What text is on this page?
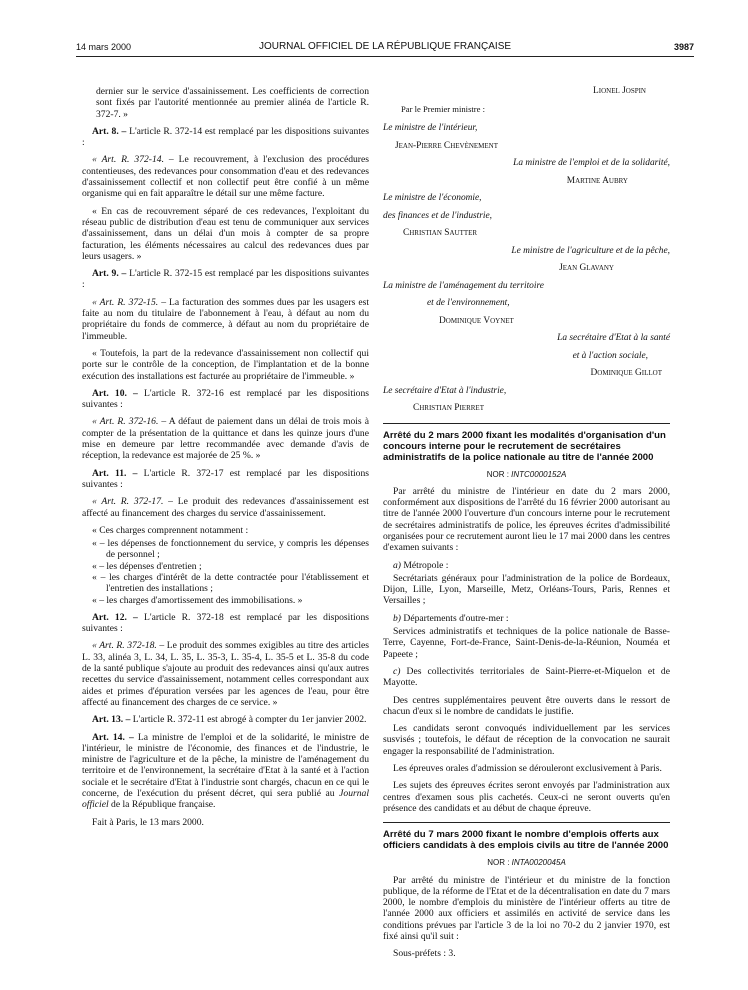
14 mars 2000	JOURNAL OFFICIEL DE LA RÉPUBLIQUE FRANÇAISE	3987

dernier sur le service d'assainissement. Les coefficients de correction sont fixés par l'autorité mentionnée au premier alinéa de l'article R. 372-7. »

Art. 8. – L'article R. 372-14 est remplacé par les dispositions suivantes :

« Art. R. 372-14. – Le recouvrement, à l'exclusion des procédures contentieuses, des redevances pour consommation d'eau et des redevances d'assainissement collectif et non collectif peut être confié à un même organisme qui en fait apparaître le détail sur une même facture.

« En cas de recouvrement séparé de ces redevances, l'exploitant du réseau public de distribution d'eau est tenu de communiquer aux services d'assainissement, dans un délai d'un mois à compter de sa propre facturation, les éléments nécessaires au calcul des redevances dues par leurs usagers. »

Art. 9. – L'article R. 372-15 est remplacé par les dispositions suivantes :

« Art. R. 372-15. – La facturation des sommes dues par les usagers est faite au nom du titulaire de l'abonnement à l'eau, à défaut au nom du propriétaire du fonds de commerce, à défaut au nom du propriétaire de l'immeuble.

« Toutefois, la part de la redevance d'assainissement non collectif qui porte sur le contrôle de la conception, de l'implantation et de la bonne exécution des installations est facturée au propriétaire de l'immeuble. »

Art. 10. – L'article R. 372-16 est remplacé par les dispositions suivantes :

« Art. R. 372-16. – A défaut de paiement dans un délai de trois mois à compter de la présentation de la quittance et dans les quinze jours d'une mise en demeure par lettre recommandée avec demande d'avis de réception, la redevance est majorée de 25 %. »

Art. 11. – L'article R. 372-17 est remplacé par les dispositions suivantes :

« Art. R. 372-17. – Le produit des redevances d'assainissement est affecté au financement des charges du service d'assainissement.

« Ces charges comprennent notamment :

« – les dépenses de fonctionnement du service, y compris les dépenses de personnel ;

« – les dépenses d'entretien ;

« – les charges d'intérêt de la dette contractée pour l'établissement et l'entretien des installations ;

« – les charges d'amortissement des immobilisations. »

Art. 12. – L'article R. 372-18 est remplacé par les dispositions suivantes :

« Art. R. 372-18. – Le produit des sommes exigibles au titre des articles L. 33, alinéa 3, L. 34, L. 35, L. 35-3, L. 35-4, L. 35-5 et L. 35-8 du code de la santé publique s'ajoute au produit des redevances ainsi qu'aux autres recettes du service d'assainissement, notamment celles correspondant aux aides et primes d'épuration versées par les agences de l'eau, pour être affecté au financement des charges de ce service. »

Art. 13. – L'article R. 372-11 est abrogé à compter du 1er janvier 2002.

Art. 14. – La ministre de l'emploi et de la solidarité, le ministre de l'intérieur, le ministre de l'économie, des finances et de l'industrie, le ministre de l'agriculture et de la pêche, la ministre de l'aménagement du territoire et de l'environnement, la secrétaire d'Etat à la santé et à l'action sociale et le secrétaire d'Etat à l'industrie sont chargés, chacun en ce qui le concerne, de l'exécution du présent décret, qui sera publié au Journal officiel de la République française.

Fait à Paris, le 13 mars 2000.

Lionel Jospin

Par le Premier ministre :

Le ministre de l'intérieur,

Jean-Pierre Chevènement

La ministre de l'emploi et de la solidarité,

Martine Aubry

Le ministre de l'économie,

des finances et de l'industrie,

Christian Sautter

Le ministre de l'agriculture et de la pêche,

Jean Glavany

La ministre de l'aménagement du territoire

et de l'environnement,

Dominique Voynet

La secrétaire d'Etat à la santé

et à l'action sociale,

Dominique Gillot

Le secrétaire d'Etat à l'industrie,

Christian Pierret

Arrêté du 2 mars 2000 fixant les modalités d'organisation d'un concours interne pour le recrutement de secrétaires administratifs de la police nationale au titre de l'année 2000

NOR : INTC0000152A

Par arrêté du ministre de l'intérieur en date du 2 mars 2000, conformément aux dispositions de l'arrêté du 16 février 2000 autorisant au titre de l'année 2000 l'ouverture d'un concours interne pour le recrutement de secrétaires administratifs de police, les épreuves écrites d'admissibilité organisées pour ce recrutement auront lieu le 17 mai 2000 dans les centres d'examen suivants :

a) Métropole :

Secrétariats généraux pour l'administration de la police de Bordeaux, Dijon, Lille, Lyon, Marseille, Metz, Orléans-Tours, Paris, Rennes et Versailles ;

b) Départements d'outre-mer :

Services administratifs et techniques de la police nationale de Basse-Terre, Cayenne, Fort-de-France, Saint-Denis-de-la-Réunion, Nouméa et Papeete ;

c) Des collectivités territoriales de Saint-Pierre-et-Miquelon et de Mayotte.

Des centres supplémentaires peuvent être ouverts dans le ressort de chacun d'eux si le nombre de candidats le justifie.

Les candidats seront convoqués individuellement par les services susvisés ; toutefois, le défaut de réception de la convocation ne saurait engager la responsabilité de l'administration.

Les épreuves orales d'admission se dérouleront exclusivement à Paris.

Les sujets des épreuves écrites seront envoyés par l'administration aux centres d'examen sous plis cachetés. Ceux-ci ne seront ouverts qu'en présence des candidats et au début de chaque épreuve.

Arrêté du 7 mars 2000 fixant le nombre d'emplois offerts aux officiers candidats à des emplois civils au titre de l'année 2000

NOR : INTA0020045A

Par arrêté du ministre de l'intérieur et du ministre de la fonction publique, de la réforme de l'Etat et de la décentralisation en date du 7 mars 2000, le nombre d'emplois du ministère de l'intérieur offerts au titre de l'année 2000 aux officiers et assimilés en activité de service dans les conditions prévues par l'article 3 de la loi no 70-2 du 2 janvier 1970, est fixé ainsi qu'il suit :

Sous-préfets : 3.
